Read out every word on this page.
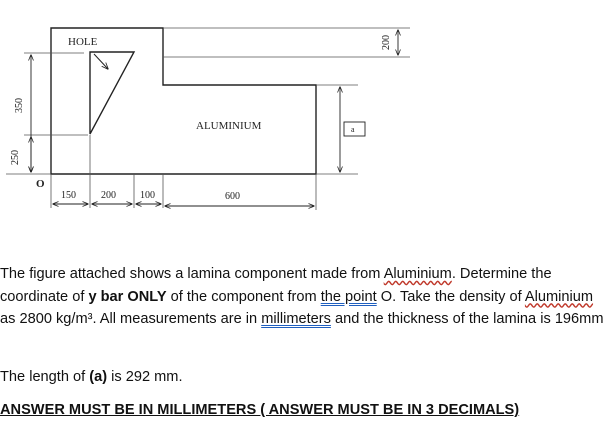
HOLE
ALUMINIUM
350
250
O
200
a
150	200 100	600
The figure attached shows a lamina component made from Aluminium. Determine the coordinate of y bar ONLY of the component from the point O. Take the density of Aluminium as 2800 kg/m³. All measurements are in millimeters and the thickness of the lamina is 196mm
The length of (a) is 292 mm.
ANSWER MUST BE IN MILLIMETERS ( ANSWER MUST BE IN 3 DECIMALS)
